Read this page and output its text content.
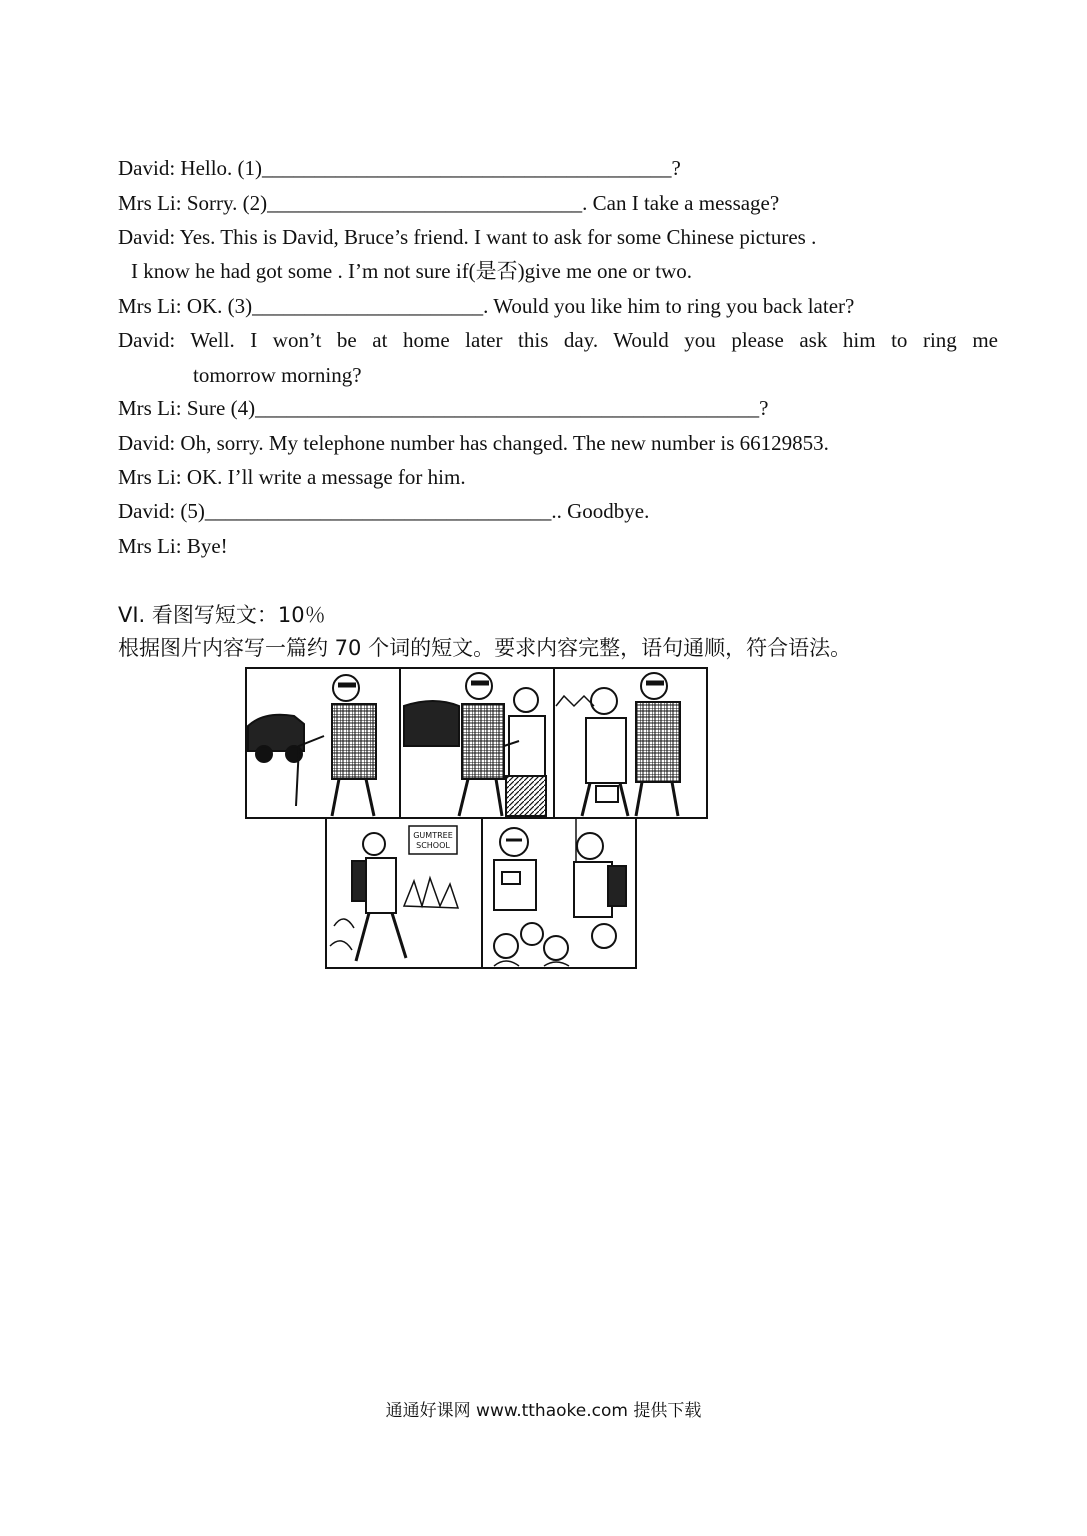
David: Hello. (1)_______________________________________?
Mrs Li: Sorry. (2)______________________________. Can I take a message?
David: Yes. This is David, Bruce’s friend. I want to ask for some Chinese pictures .
I know he had got some . I’m not sure if(是否)give me one or two.
Mrs Li: OK. (3)______________________. Would you like him to ring you back later?
David: Well. I won’t be at home later this day. Would you please ask him to ring me
tomorrow morning?
Mrs Li: Sure (4)________________________________________________?
David: Oh, sorry. My telephone number has changed. The new number is 66129853.
Mrs Li: OK. I’ll write a message for him.
David: (5)_________________________________.. Goodbye.
Mrs Li: Bye!
VI. 看图写短文：10％
根据图片内容写一篇约 70 个词的短文。要求内容完整，语句通顺，符合语法。
GUMTREE
SCHOOL
通通好课网 www.tthaoke.com 提供下载
